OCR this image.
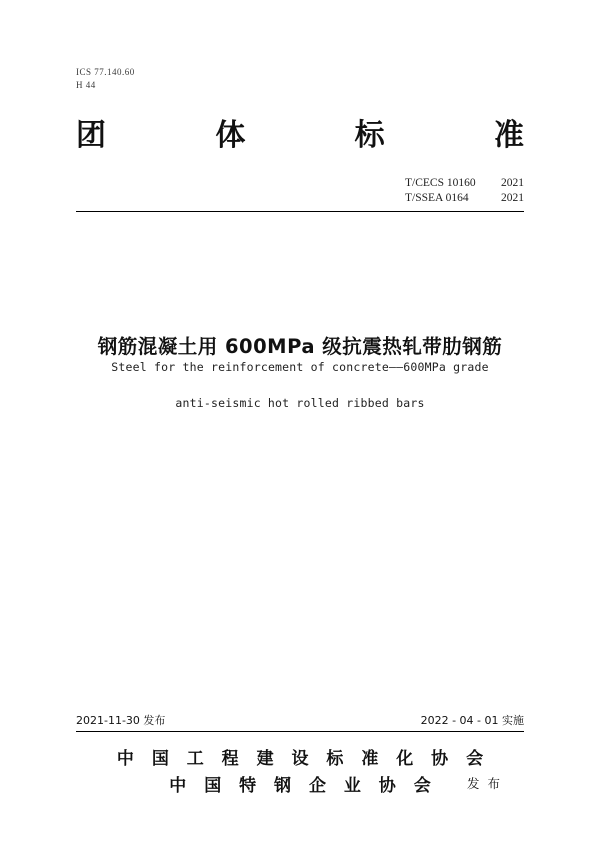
ICS 77.140.60
H 44
团	体	标	准
T/CECS 10160	2021
T/SSEA 0164	2021
钢筋混凝土用 600MPa 级抗震热轧带肋钢筋
Steel for the reinforcement of concrete——600MPa grade
anti-seismic hot rolled ribbed bars
2021-11-30 发布	2022 - 04 - 01 实施
中 国 工 程 建 设 标 准 化 协 会
中 国 特 钢 企 业 协 会	发 布
